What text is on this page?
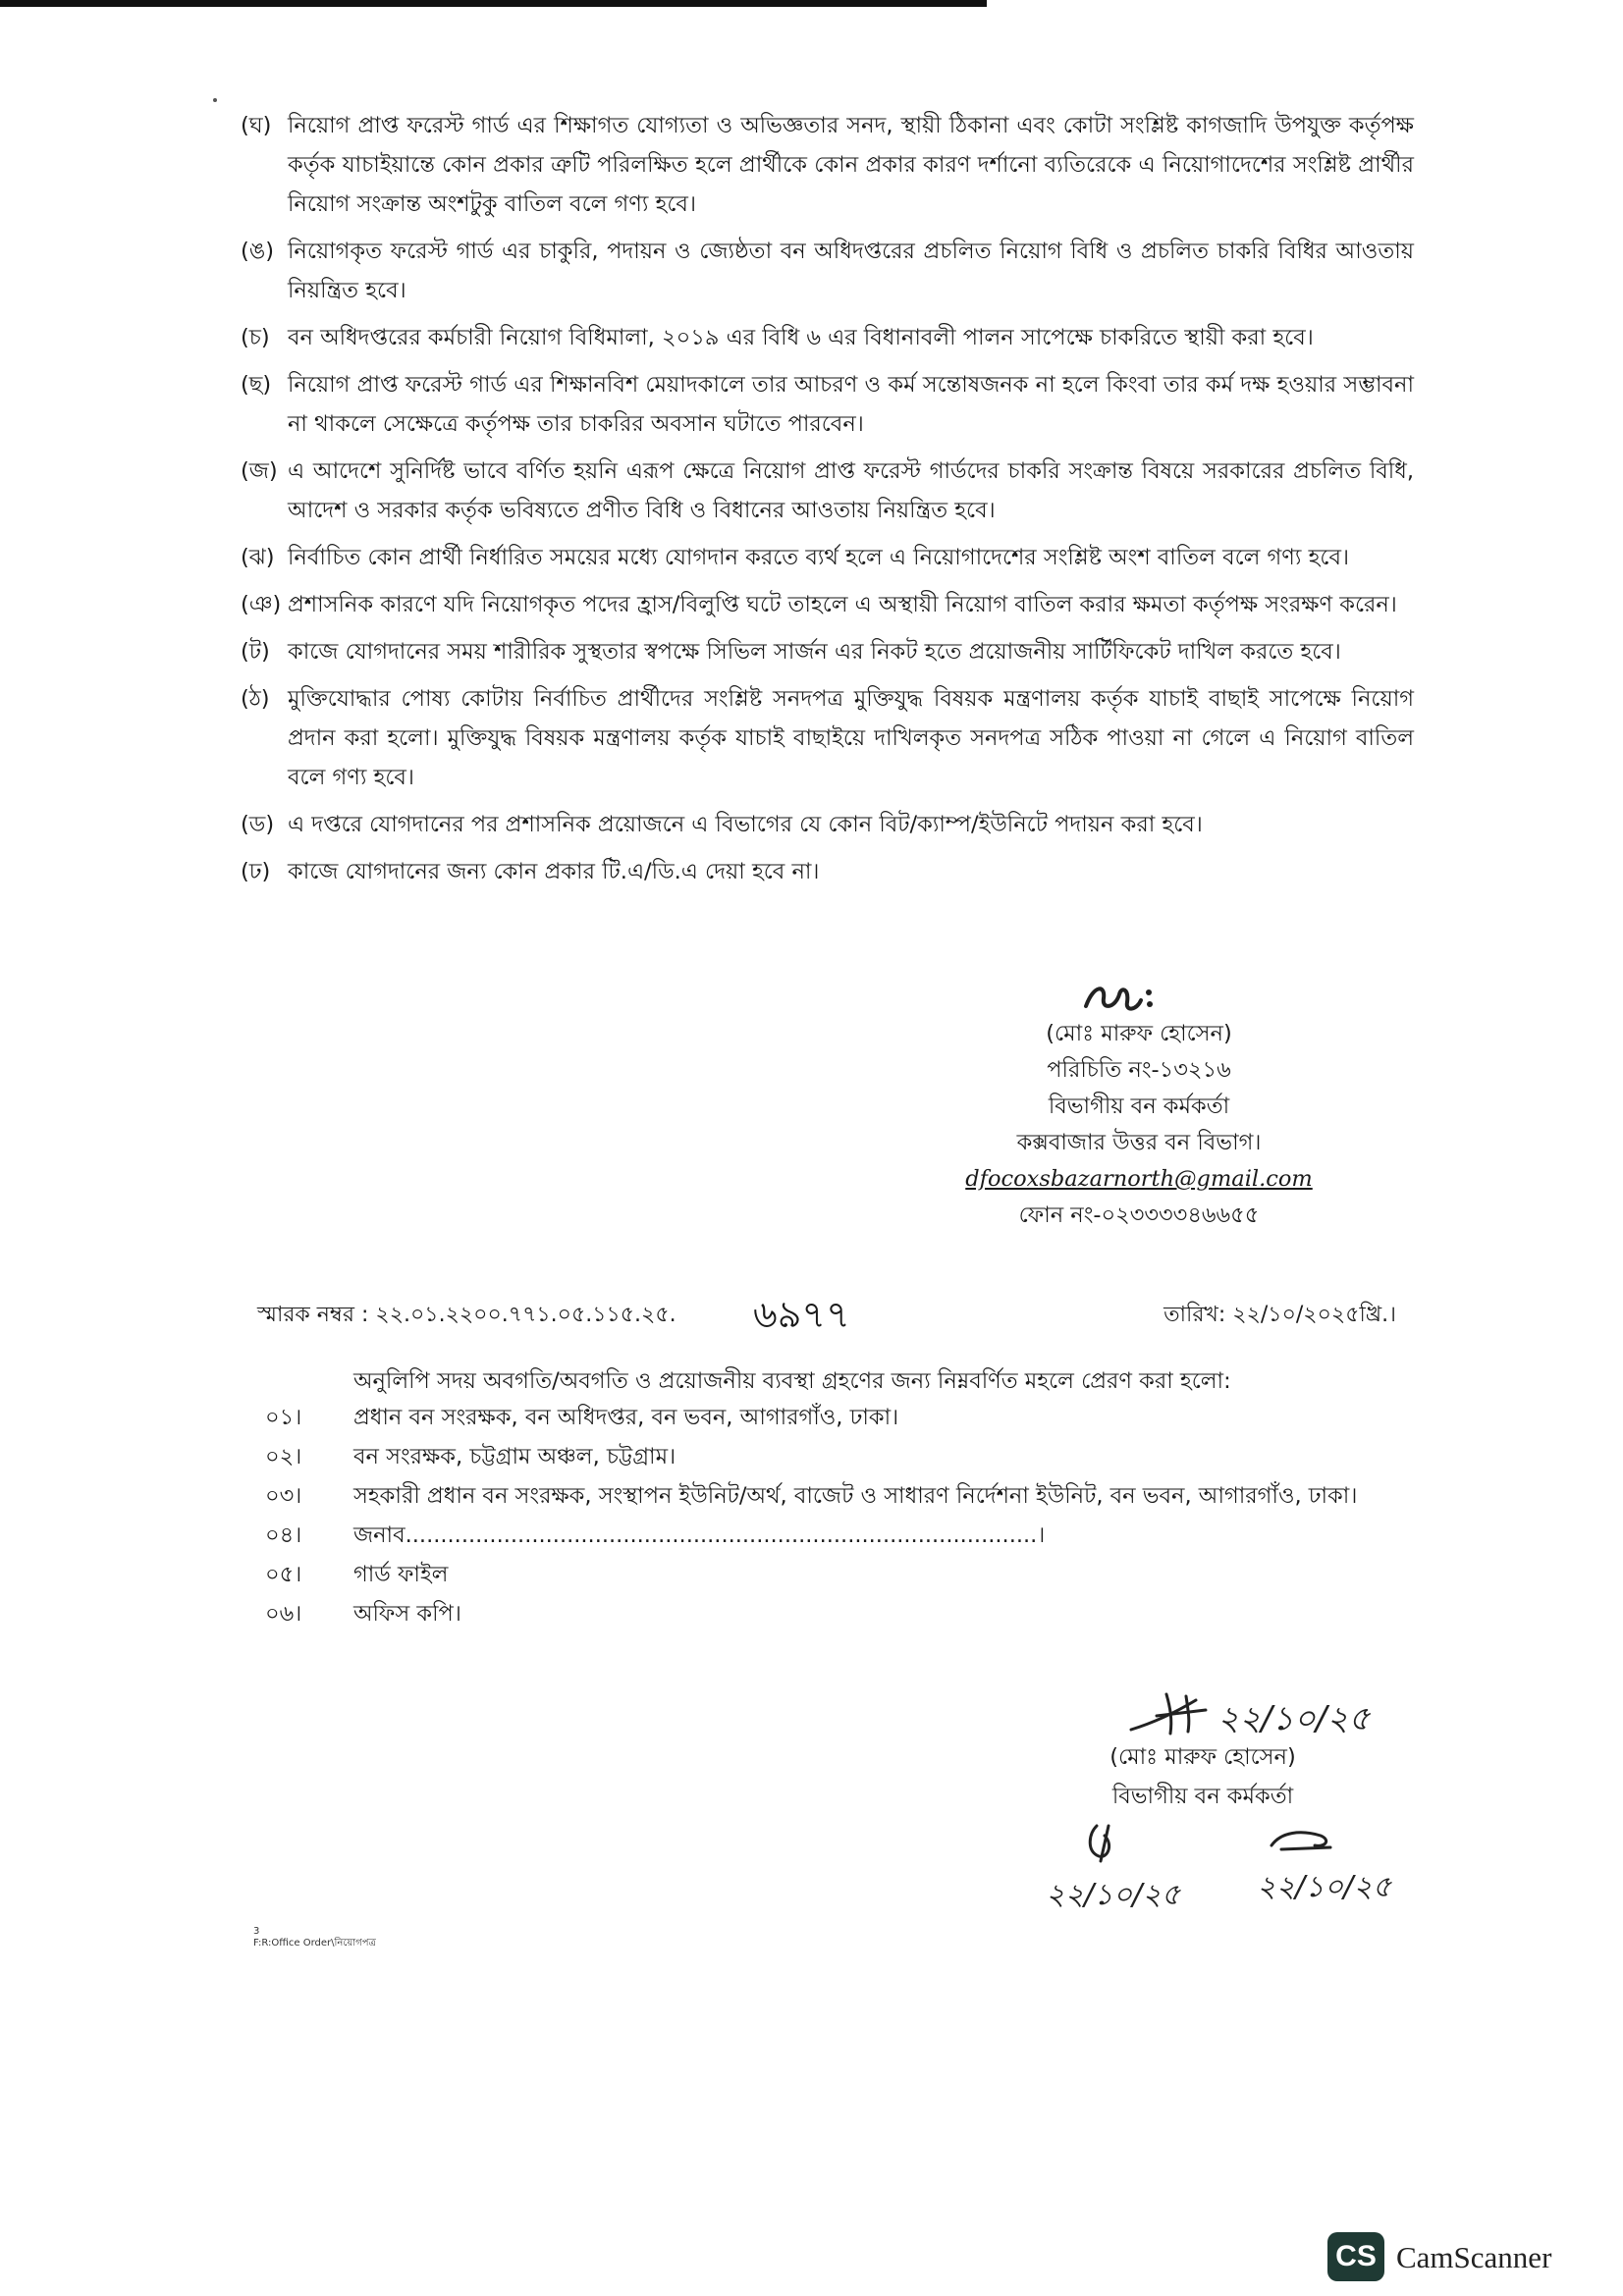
(ঘ) নিয়োগ প্রাপ্ত ফরেস্ট গার্ড এর শিক্ষাগত যোগ্যতা ও অভিজ্ঞতার সনদ, স্থায়ী ঠিকানা এবং কোটা সংশ্লিষ্ট কাগজাদি উপযুক্ত কর্তৃপক্ষ কর্তৃক যাচাইয়ান্তে কোন প্রকার ত্রুটি পরিলক্ষিত হলে প্রার্থীকে কোন প্রকার কারণ দর্শানো ব্যতিরেকে এ নিয়োগাদেশের সংশ্লিষ্ট প্রার্থীর নিয়োগ সংক্রান্ত অংশটুকু বাতিল বলে গণ্য হবে।
(ঙ) নিয়োগকৃত ফরেস্ট গার্ড এর চাকুরি, পদায়ন ও জ্যেষ্ঠতা বন অধিদপ্তরের প্রচলিত নিয়োগ বিধি ও প্রচলিত চাকরি বিধির আওতায় নিয়ন্ত্রিত হবে।
(চ) বন অধিদপ্তরের কর্মচারী নিয়োগ বিধিমালা, ২০১৯ এর বিধি ৬ এর বিধানাবলী পালন সাপেক্ষে চাকরিতে স্থায়ী করা হবে।
(ছ) নিয়োগ প্রাপ্ত ফরেস্ট গার্ড এর শিক্ষানবিশ মেয়াদকালে তার আচরণ ও কর্ম সন্তোষজনক না হলে কিংবা তার কর্ম দক্ষ হওয়ার সম্ভাবনা না থাকলে সেক্ষেত্রে কর্তৃপক্ষ তার চাকরির অবসান ঘটাতে পারবেন।
(জ) এ আদেশে সুনির্দিষ্ট ভাবে বর্ণিত হয়নি এরূপ ক্ষেত্রে নিয়োগ প্রাপ্ত ফরেস্ট গার্ডদের চাকরি সংক্রান্ত বিষয়ে সরকারের প্রচলিত বিধি, আদেশ ও সরকার কর্তৃক ভবিষ্যতে প্রণীত বিধি ও বিধানের আওতায় নিয়ন্ত্রিত হবে।
(ঝ) নির্বাচিত কোন প্রার্থী নির্ধারিত সময়ের মধ্যে যোগদান করতে ব্যর্থ হলে এ নিয়োগাদেশের সংশ্লিষ্ট অংশ বাতিল বলে গণ্য হবে।
(ঞ) প্রশাসনিক কারণে যদি নিয়োগকৃত পদের হ্রাস/বিলুপ্তি ঘটে তাহলে এ অস্থায়ী নিয়োগ বাতিল করার ক্ষমতা কর্তৃপক্ষ সংরক্ষণ করেন।
(ট) কাজে যোগদানের সময় শারীরিক সুস্থতার স্বপক্ষে সিভিল সার্জন এর নিকট হতে প্রয়োজনীয় সার্টিফিকেট দাখিল করতে হবে।
(ঠ) মুক্তিযোদ্ধার পোষ্য কোটায় নির্বাচিত প্রার্থীদের সংশ্লিষ্ট সনদপত্র মুক্তিযুদ্ধ বিষয়ক মন্ত্রণালয় কর্তৃক যাচাই বাছাই সাপেক্ষে নিয়োগ প্রদান করা হলো। মুক্তিযুদ্ধ বিষয়ক মন্ত্রণালয় কর্তৃক যাচাই বাছাইয়ে দাখিলকৃত সনদপত্র সঠিক পাওয়া না গেলে এ নিয়োগ বাতিল বলে গণ্য হবে।
(ড) এ দপ্তরে যোগদানের পর প্রশাসনিক প্রয়োজনে এ বিভাগের যে কোন বিট/ক্যাম্প/ইউনিটে পদায়ন করা হবে।
(ঢ) কাজে যোগদানের জন্য কোন প্রকার টি.এ/ডি.এ দেয়া হবে না।
(মোঃ মারুফ হোসেন)
পরিচিতি নং-১৩২১৬
বিভাগীয় বন কর্মকর্তা
কক্সবাজার উত্তর বন বিভাগ।
dfocoxsbazarnorth@gmail.com
ফোন নং-০২৩৩৩৩৪৬৬৫৫
স্মারক নম্বর : ২২.০১.২২০০.৭৭১.০৫.১১৫.২৫. ৬৯৭৭	তারিখ: ২২/১০/২০২৫খ্রি.।
অনুলিপি সদয় অবগতি/অবগতি ও প্রয়োজনীয় ব্যবস্থা গ্রহণের জন্য নিম্নবর্ণিত মহলে প্রেরণ করা হলো:
০১।	প্রধান বন সংরক্ষক, বন অধিদপ্তর, বন ভবন, আগারগাঁও, ঢাকা।
০২।	বন সংরক্ষক, চট্টগ্রাম অঞ্চল, চট্টগ্রাম।
০৩।	সহকারী প্রধান বন সংরক্ষক, সংস্থাপন ইউনিট/অর্থ, বাজেট ও সাধারণ নির্দেশনা ইউনিট, বন ভবন, আগারগাঁও, ঢাকা।
০৪।	জনাব..........................................................................................।
০৫।	গার্ড ফাইল
০৬।	অফিস কপি।
২২/১০/২৫
(মোঃ মারুফ হোসেন)
বিভাগীয় বন কর্মকর্তা
২২/১০/২৫	২২/১০/২৫
3
F:R:Office Order\নিয়োগপত্র
CS CamScanner
